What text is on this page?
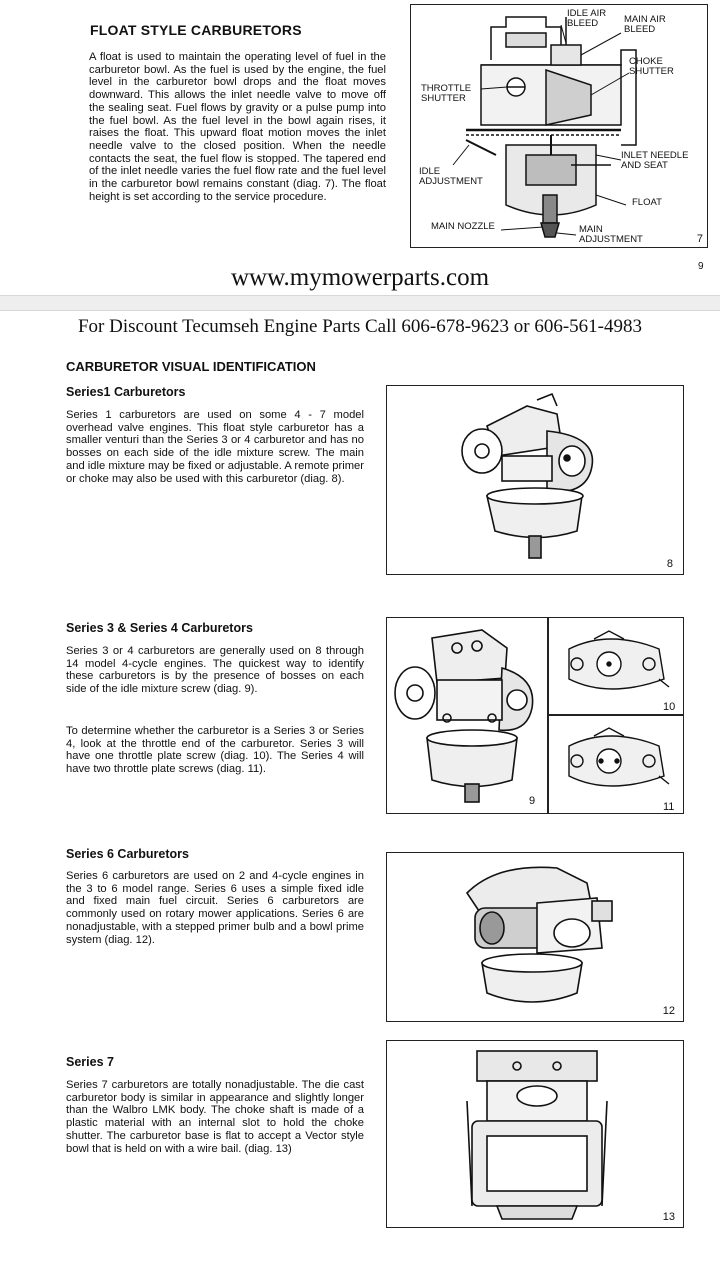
FLOAT STYLE CARBURETORS
A float is used to maintain the operating level of fuel in the carburetor bowl. As the fuel is used by the engine, the fuel level in the carburetor bowl drops and the float moves downward. This allows the inlet needle valve to move off the sealing seat. Fuel flows by gravity or a pulse pump into the fuel bowl. As the fuel level in the bowl again rises, it raises the float. This upward float motion moves the inlet needle valve to the closed position. When the needle contacts the seat, the fuel flow is stopped. The tapered end of the inlet needle varies the fuel flow rate and the fuel level in the carburetor bowl remains constant (diag. 7). The float height is set according to the service procedure.
IDLE AIR
BLEED	MAIN AIR
BLEED
CHOKE
SHUTTER
THROTTLE
SHUTTER
INLET NEEDLE
AND SEAT
IDLE
ADJUSTMENT
FLOAT
MAIN NOZZLE	MAIN
ADJUSTMENT	7
9
www.mymowerparts.com
For Discount Tecumseh Engine Parts Call 606-678-9623 or 606-561-4983
CARBURETOR VISUAL IDENTIFICATION
Series1 Carburetors
Series 1 carburetors are used on some 4 - 7 model overhead valve engines. This float style carburetor has a smaller venturi than the Series 3 or 4 carburetor and has no bosses on each side of the idle mixture screw. The main and idle mixture may be fixed or adjustable. A remote primer or choke may also be used with this carburetor (diag. 8).
8
Series 3 & Series 4 Carburetors
Series 3 or 4 carburetors are generally used on 8 through 14 model 4-cycle engines. The quickest way to identify these carburetors is by the presence of bosses on each side of the idle mixture screw (diag. 9).
To determine whether the carburetor is a Series 3 or Series 4, look at the throttle end of the carburetor. Series 3 will have one throttle plate screw (diag. 10). The Series 4 will have two throttle plate screws (diag. 11).
10
9	11
Series 6 Carburetors
Series 6 carburetors are used on 2 and 4-cycle engines in the 3 to 6 model range. Series 6 uses a simple fixed idle and fixed main fuel circuit. Series 6 carburetors are commonly used on rotary mower applications. Series 6 are nonadjustable, with a stepped primer bulb and a bowl prime system (diag. 12).
12
Series 7
Series 7 carburetors are totally nonadjustable. The die cast carburetor body is similar in appearance and slightly longer than the Walbro LMK body. The choke shaft is made of a plastic material with an internal slot to hold the choke shutter. The carburetor base is flat to accept a Vector style bowl that is held on with a wire bail. (diag. 13)
13
